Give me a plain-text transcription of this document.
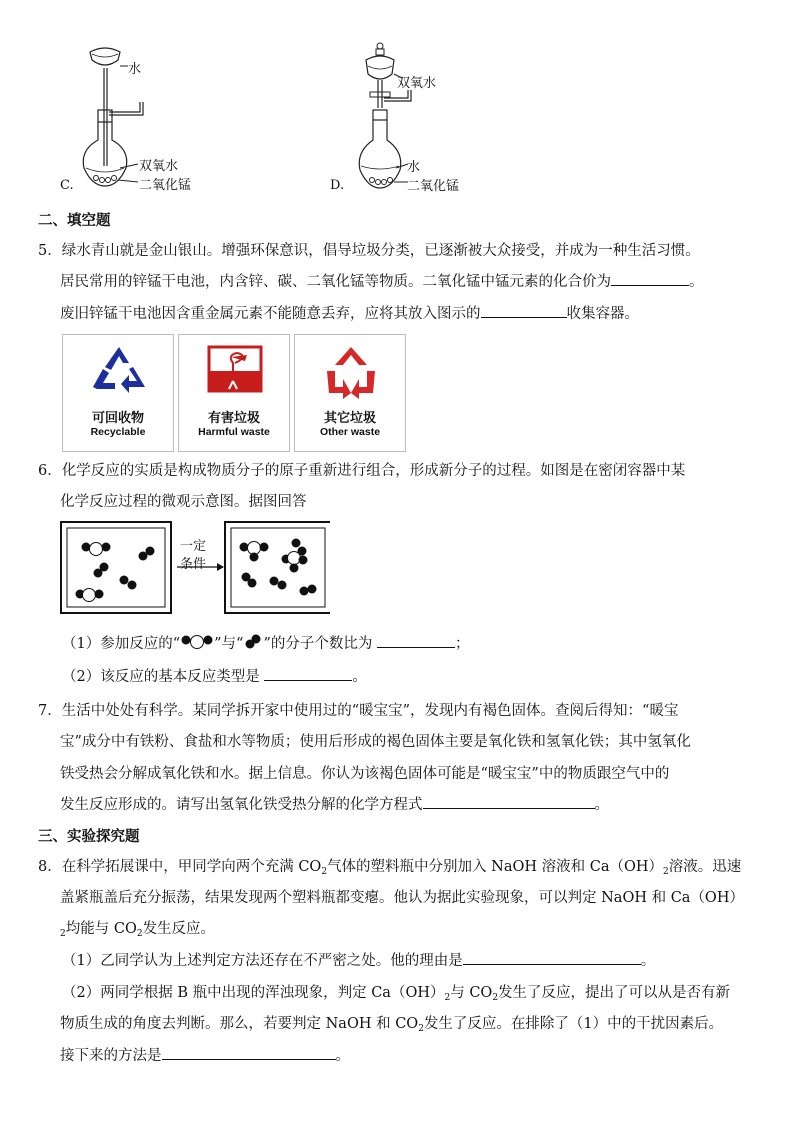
水
双氧水
二氧化锰
C.
双氧水
水
二氧化锰
D.
二、填空题
5．绿水青山就是金山银山。增强环保意识，倡导垃圾分类，已逐渐被大众接受，并成为一种生活习惯。
居民常用的锌锰干电池，内含锌、碳、二氧化锰等物质。二氧化锰中锰元素的化合价为	。
废旧锌锰干电池因含重金属元素不能随意丢弃，应将其放入图示的	收集容器。
可回收物
Recyclable
有害垃圾
Harmful waste
其它垃圾
Other waste
6．化学反应的实质是构成物质分子的原子重新进行组合，形成新分子的过程。如图是在密闭容器中某
化学反应过程的微观示意图。据图回答
一定
条件
（1）参加反应的“ ”与“ ”的分子个数比为	；
（2）该反应的基本反应类型是	。
7．生活中处处有科学。某同学拆开家中使用过的“暖宝宝”，发现内有褐色固体。查阅后得知：“暖宝
宝”成分中有铁粉、食盐和水等物质；使用后形成的褐色固体主要是氧化铁和氢氧化铁；其中氢氧化
铁受热会分解成氧化铁和水。据上信息。你认为该褐色固体可能是“暖宝宝”中的物质跟空气中的
发生反应形成的。请写出氢氧化铁受热分解的化学方程式	。
三、实验探究题
8．在科学拓展课中，甲同学向两个充满 $CO_2$气体的塑料瓶中分别加入 NaOH 溶液和 $Ca(OH)_2$溶液。迅速
盖紧瓶盖后充分振荡，结果发现两个塑料瓶都变瘪。他认为据此实验现象，可以判定 NaOH 和 Ca（OH）
$_2$均能与 $CO_2$发生反应。
（1）乙同学认为上述判定方法还存在不严密之处。他的理由是	。
（2）两同学根据 B 瓶中出现的浑浊现象，判定 $Ca(OH)_2$与 $CO_2$发生了反应，提出了可以从是否有新
物质生成的角度去判断。那么，若要判定 NaOH 和 $CO_2$发生了反应。在排除了（1）中的干扰因素后。
接下来的方法是	。
